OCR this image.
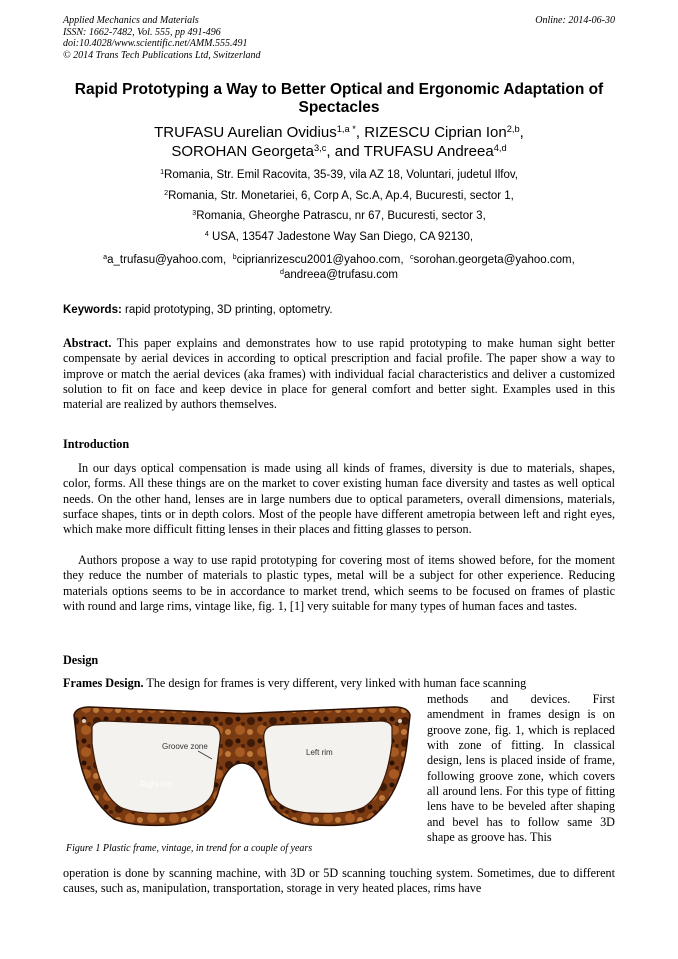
Applied Mechanics and Materials
ISSN: 1662-7482, Vol. 555, pp 491-496
doi:10.4028/www.scientific.net/AMM.555.491
© 2014 Trans Tech Publications Ltd, Switzerland
Online: 2014-06-30
Rapid Prototyping a Way to Better Optical and Ergonomic Adaptation of Spectacles
TRUFASU Aurelian Ovidius$^{1,a *}$, RIZESCU Ciprian Ion$^{2,b}$,
SOROHAN Georgeta$^{3,c}$, and TRUFASU Andreea$^{4,d}$
$^1$Romania, Str. Emil Racovita, 35-39, vila AZ 18, Voluntari, judetul Ilfov,
$^2$Romania, Str. Monetariei, 6, Corp A, Sc.A, Ap.4, Bucuresti, sector 1,
$^3$Romania, Gheorghe Patrascu, nr 67, Bucuresti, sector 3,
$^4$ USA, 13547 Jadestone Way San Diego, CA 92130,
$^a$a_trufasu@yahoo.com, $^b$ciprianrizescu2001@yahoo.com, $^c$sorohan.georgeta@yahoo.com,
$^d$andreea@trufasu.com
Keywords: rapid prototyping, 3D printing, optometry.
Abstract. This paper explains and demonstrates how to use rapid prototyping to make human sight better compensate by aerial devices in according to optical prescription and facial profile. The paper show a way to improve or match the aerial devices (aka frames) with individual facial characteristics and deliver a customized solution to fit on face and keep device in place for general comfort and better sight. Examples used in this material are realized by authors themselves.
Introduction
In our days optical compensation is made using all kinds of frames, diversity is due to materials, shapes, color, forms. All these things are on the market to cover existing human face diversity and tastes as well optical needs. On the other hand, lenses are in large numbers due to optical parameters, overall dimensions, materials, surface shapes, tints or in depth colors. Most of the people have different ametropia between left and right eyes, which make more difficult fitting lenses in their places and fitting glasses to person.
Authors propose a way to use rapid prototyping for covering most of items showed before, for the moment they reduce the number of materials to plastic types, metal will be a subject for other experience. Reducing materials options seems to be in accordance to market trend, which seems to be focused on frames of plastic with round and large rims, vintage like, fig. 1, [1] very suitable for many types of human faces and tastes.
Design
Frames Design. The design for frames is very different, very linked with human face scanning
methods and devices. First amendment in frames design is on groove zone, fig. 1, which is replaced with zone of fitting. In classical design, lens is placed inside of frame, following groove zone, which covers all around lens. For this type of fitting lens have to be beveled after shaping and bevel has to follow same 3D shape as groove has. This
Groove zone
Left rim
Right rim
Figure 1 Plastic frame, vintage, in trend for a couple of years
operation is done by scanning machine, with 3D or 5D scanning touching system. Sometimes, due to different causes, such as, manipulation, transportation, storage in very heated places, rims have
